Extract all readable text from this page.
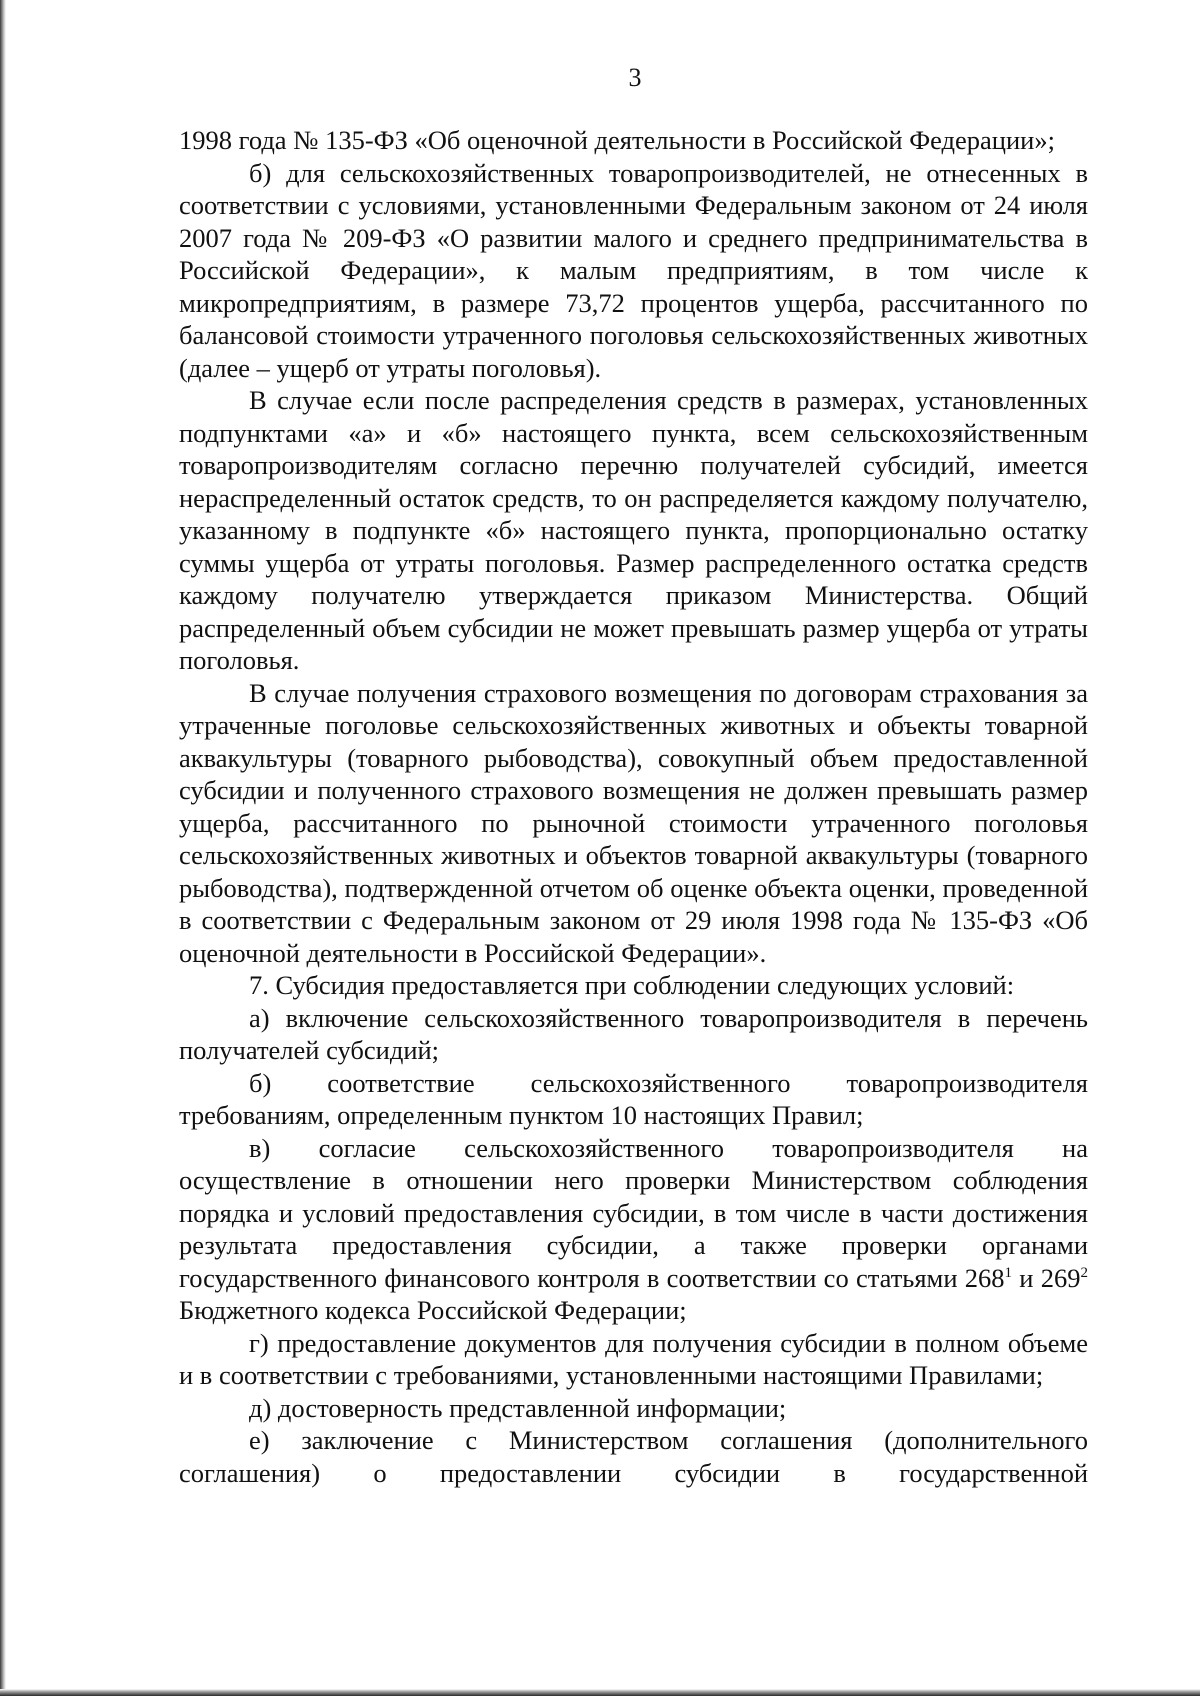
3

1998 года № 135-ФЗ «Об оценочной деятельности в Российской Федерации»;

б) для сельскохозяйственных товаропроизводителей, не отнесенных в соответствии с условиями, установленными Федеральным законом от 24 июля 2007 года № 209-ФЗ «О развитии малого и среднего предпринимательства в Российской Федерации», к малым предприятиям, в том числе к микропредприятиям, в размере 73,72 процентов ущерба, рассчитанного по балансовой стоимости утраченного поголовья сельскохозяйственных животных (далее – ущерб от утраты поголовья).

В случае если после распределения средств в размерах, установленных подпунктами «а» и «б» настоящего пункта, всем сельскохозяйственным товаропроизводителям согласно перечню получателей субсидий, имеется нераспределенный остаток средств, то он распределяется каждому получателю, указанному в подпункте «б» настоящего пункта, пропорционально остатку суммы ущерба от утраты поголовья. Размер распределенного остатка средств каждому получателю утверждается приказом Министерства. Общий распределенный объем субсидии не может превышать размер ущерба от утраты поголовья.

В случае получения страхового возмещения по договорам страхования за утраченные поголовье сельскохозяйственных животных и объекты товарной аквакультуры (товарного рыбоводства), совокупный объем предоставленной субсидии и полученного страхового возмещения не должен превышать размер ущерба, рассчитанного по рыночной стоимости утраченного поголовья сельскохозяйственных животных и объектов товарной аквакультуры (товарного рыбоводства), подтвержденной отчетом об оценке объекта оценки, проведенной в соответствии с Федеральным законом от 29 июля 1998 года № 135-ФЗ «Об оценочной деятельности в Российской Федерации».

7. Субсидия предоставляется при соблюдении следующих условий:

а) включение сельскохозяйственного товаропроизводителя в перечень получателей субсидий;

б) соответствие сельскохозяйственного товаропроизводителя требованиям, определенным пунктом 10 настоящих Правил;

в) согласие сельскохозяйственного товаропроизводителя на осуществление в отношении него проверки Министерством соблюдения порядка и условий предоставления субсидии, в том числе в части достижения результата предоставления субсидии, а также проверки органами государственного финансового контроля в соответствии со статьями $268^1$ и $269^2$ Бюджетного кодекса Российской Федерации;

г) предоставление документов для получения субсидии в полном объеме и в соответствии с требованиями, установленными настоящими Правилами;

д) достоверность представленной информации;

е) заключение с Министерством соглашения (дополнительного соглашения) о предоставлении субсидии в государственной
